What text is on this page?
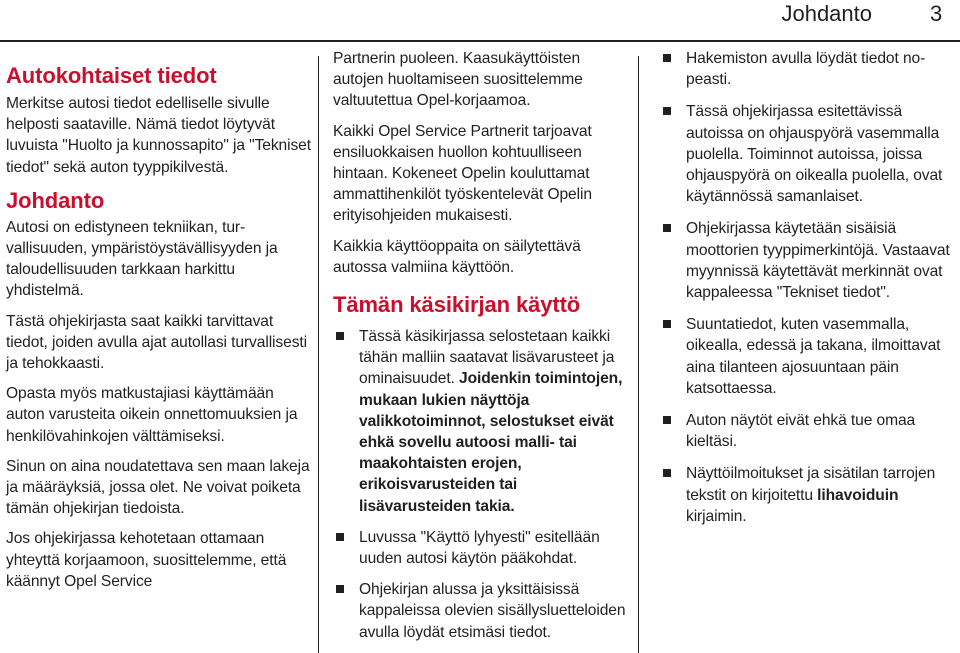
Johdanto	3
Autokohtaiset tiedot
Merkitse autosi tiedot edelliselle sivulle helposti saataville. Nämä tiedot löytyvät luvuista "Huolto ja kunnossapito" ja "Tekniset tiedot" sekä auton tyyppikilvestä.
Johdanto
Autosi on edistyneen tekniikan, turvallisuuden, ympäristöystävällisyyden ja taloudellisuuden tarkkaan harkittu yhdistelmä.
Tästä ohjekirjasta saat kaikki tarvittavat tiedot, joiden avulla ajat autollasi turvallisesti ja tehokkaasti.
Opasta myös matkustajiasi käyttämään auton varusteita oikein onnettomuuksien ja henkilövahinkojen välttämiseksi.
Sinun on aina noudatettava sen maan lakeja ja määräyksiä, jossa olet. Ne voivat poiketa tämän ohjekirjan tiedoista.
Jos ohjekirjassa kehotetaan ottamaan yhteyttä korjaamoon, suosittelemme, että käännyt Opel Service
Partnerin puoleen. Kaasukäyttöisten autojen huoltamiseen suosittelemme valtuutettua Opel-korjaamoa.
Kaikki Opel Service Partnerit tarjoavat ensiluokkaisen huollon kohtuulliseen hintaan. Kokeneet Opelin kouluttamat ammattihenkilöt työskentelevät Opelin erityisohjeiden mukaisesti.
Kaikkia käyttöoppaita on säilytettävä autossa valmiina käyttöön.
Tämän käsikirjan käyttö
Tässä käsikirjassa selostetaan kaikki tähän malliin saatavat lisävarusteet ja ominaisuudet. Joidenkin toimintojen, mukaan lukien näyttöja valikkotoiminnot, selostukset eivät ehkä sovellu autoosi malli- tai maakohtaisten erojen, erikoisvarusteiden tai lisävarusteiden takia.
Luvussa "Käyttö lyhyesti" esitellään uuden autosi käytön pääkohdat.
Ohjekirjan alussa ja yksittäisissä kappaleissa olevien sisällysluetteloiden avulla löydät etsimäsi tiedot.
Hakemiston avulla löydät tiedot nopeasti.
Tässä ohjekirjassa esitettävissä autoissa on ohjauspyörä vasemmalla puolella. Toiminnot autoissa, joissa ohjauspyörä on oikealla puolella, ovat käytännössä samanlaiset.
Ohjekirjassa käytetään sisäisiä moottorien tyyppimerkintöjä. Vastaavat myynnissä käytettävät merkinnät ovat kappaleessa "Tekniset tiedot".
Suuntatiedot, kuten vasemmalla, oikealla, edessä ja takana, ilmoittavat aina tilanteen ajosuuntaan päin katsottaessa.
Auton näytöt eivät ehkä tue omaa kieltäsi.
Näyttöilmoitukset ja sisätilan tarrojen tekstit on kirjoitettu lihavoiduin kirjaimin.
